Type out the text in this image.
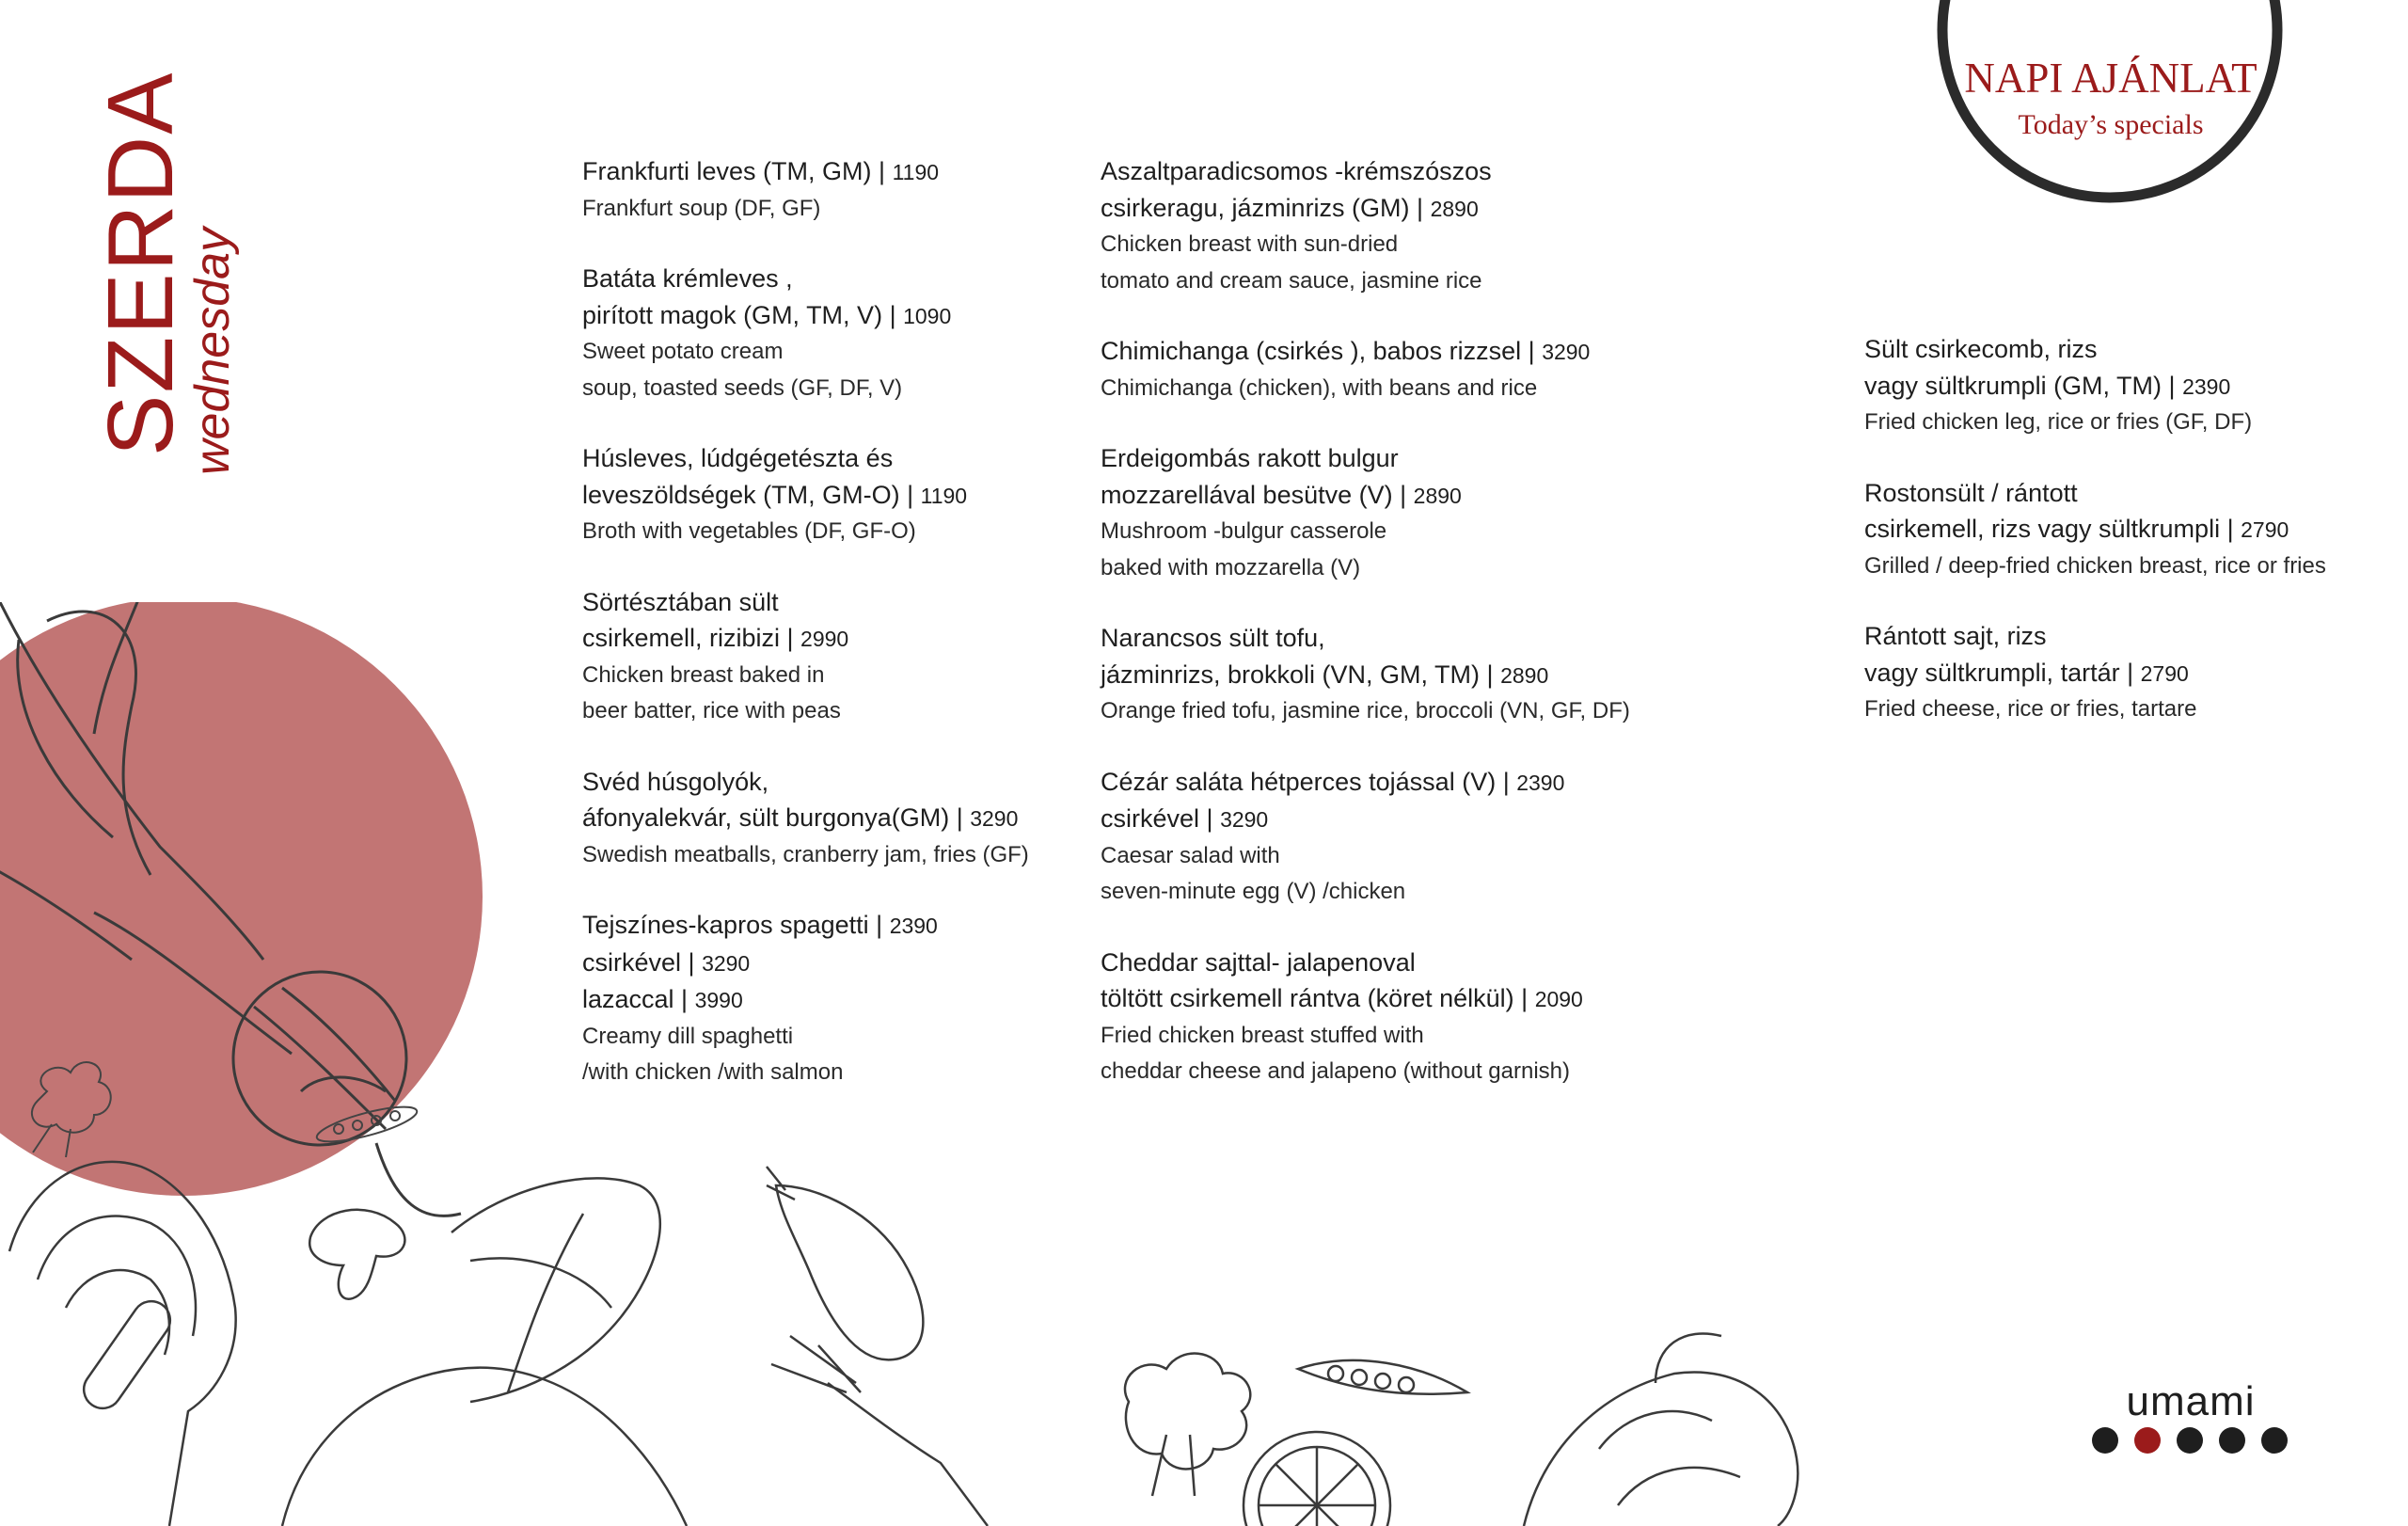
SZERDA
wednesday
NAPI AJÁNLAT
Today’s specials
Frankfurti leves (TM, GM) | 1190
Frankfurt soup (DF, GF)
Batáta krémleves ,
pirított magok (GM, TM, V) | 1090
Sweet potato cream
soup, toasted seeds (GF, DF, V)
Húsleves, lúdgégetészta és
leveszöldségek (TM, GM-O) | 1190
Broth with vegetables (DF, GF-O)
Sörtésztában sült
csirkemell, rizibizi | 2990
Chicken breast baked in
beer batter, rice with peas
Svéd húsgolyók,
áfonyalekvár, sült burgonya(GM) | 3290
Swedish meatballs, cranberry jam, fries (GF)
Tejszínes-kapros spagetti | 2390
csirkével | 3290
lazaccal | 3990
Creamy dill spaghetti
/with chicken /with salmon
Aszaltparadicsomos -krémszószos
csirkeragu, jázminrizs (GM) | 2890
Chicken breast with sun-dried
tomato and cream sauce, jasmine rice
Chimichanga (csirkés ), babos rizzsel | 3290
Chimichanga (chicken), with beans and rice
Erdeigombás rakott bulgur
mozzarellával besütve (V) | 2890
Mushroom -bulgur casserole
baked with mozzarella (V)
Narancsos sült tofu,
jázminrizs, brokkoli (VN, GM, TM) | 2890
Orange fried tofu, jasmine rice, broccoli (VN, GF, DF)
Cézár saláta hétperces tojással (V) | 2390
csirkével | 3290
Caesar salad with
seven-minute egg (V) /chicken
Cheddar sajttal- jalapenoval
töltött csirkemell rántva (köret nélkül) | 2090
Fried chicken breast stuffed with
cheddar cheese and jalapeno (without garnish)
Sült csirkecomb, rizs
vagy sültkrumpli (GM, TM) | 2390
Fried chicken leg, rice or fries (GF, DF)
Rostonsült / rántott
csirkemell, rizs vagy sültkrumpli | 2790
Grilled / deep-fried chicken breast, rice or fries
Rántott sajt, rizs
vagy sültkrumpli, tartár | 2790
Fried cheese, rice or fries, tartare
umami
